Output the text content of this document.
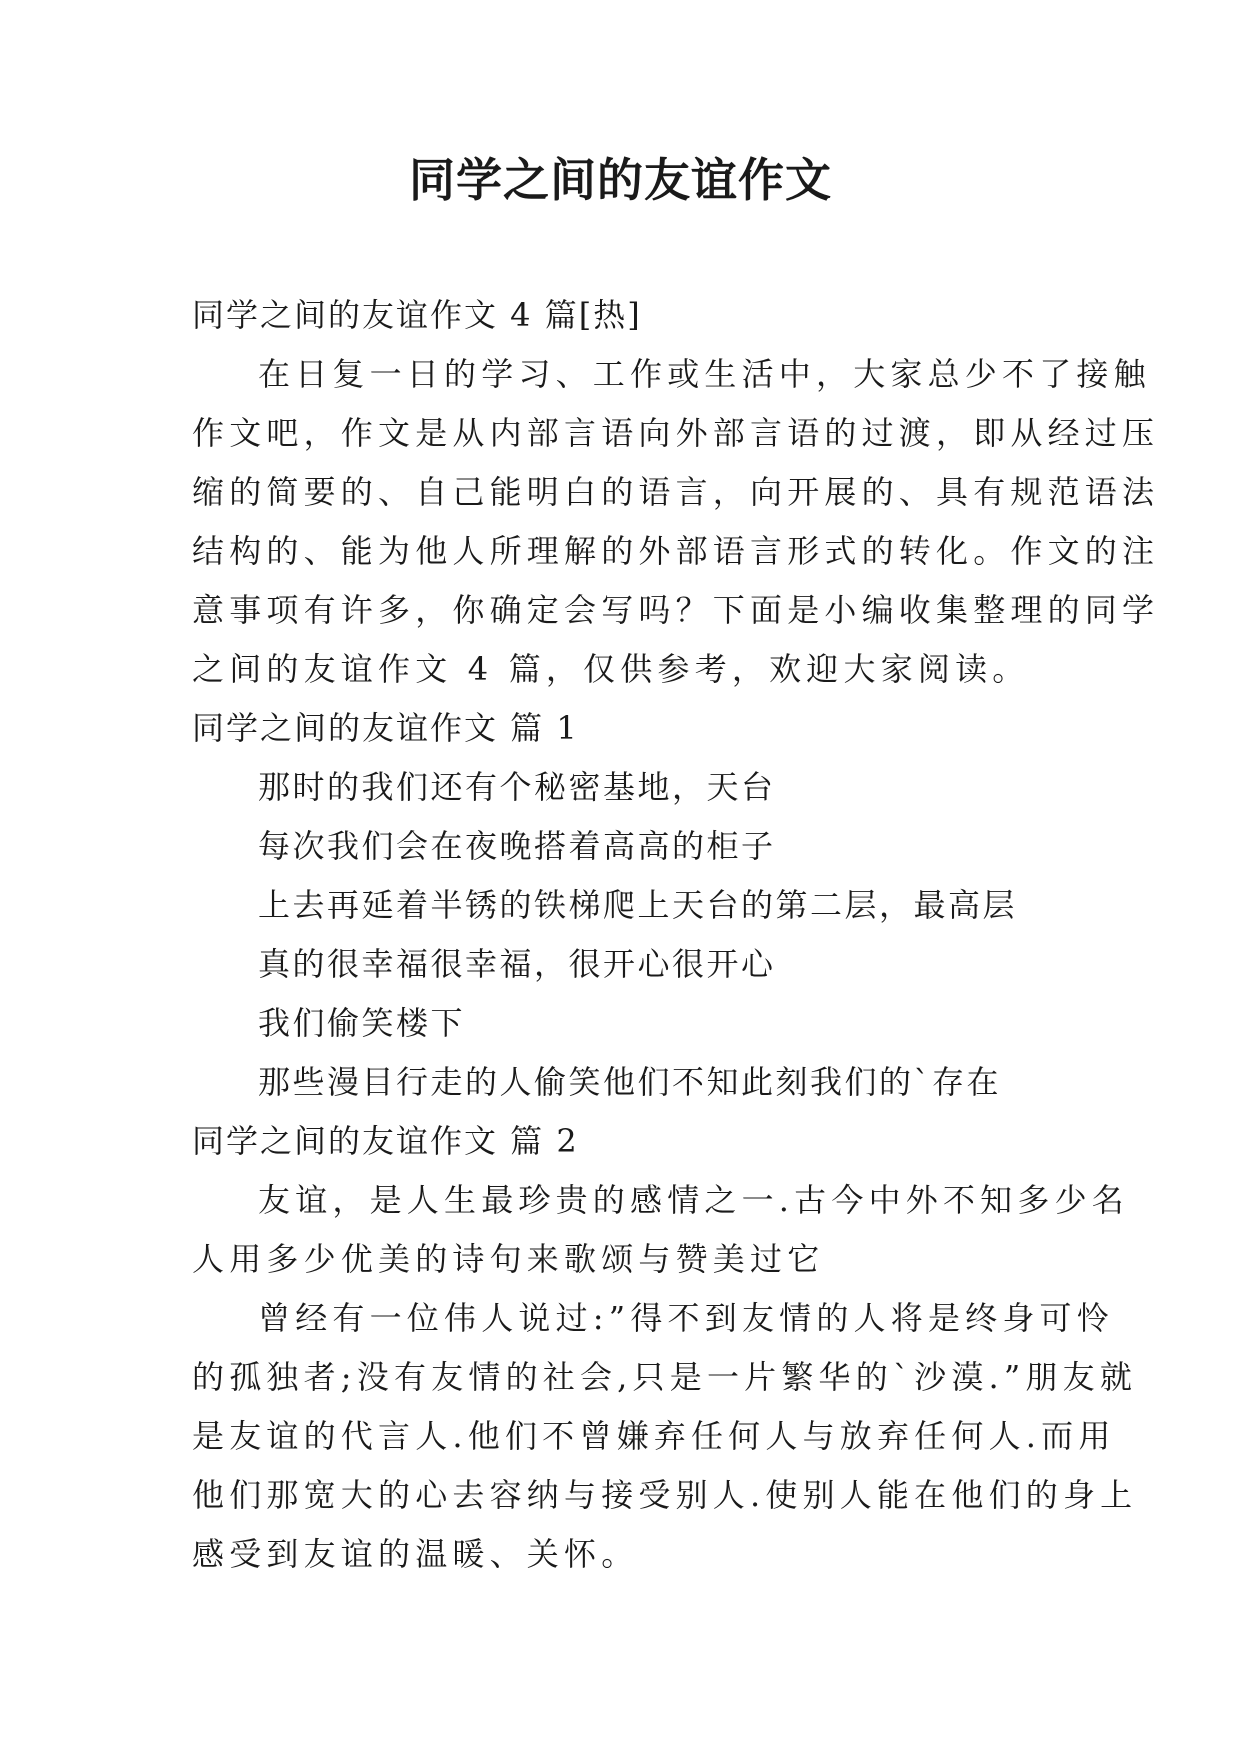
同学之间的友谊作文
同学之间的友谊作文 4 篇[热]
在日复一日的学习、工作或生活中，大家总少不了接触
作文吧，作文是从内部言语向外部言语的过渡，即从经过压
缩的简要的、自己能明白的语言，向开展的、具有规范语法
结构的、能为他人所理解的外部语言形式的转化。作文的注
意事项有许多，你确定会写吗？下面是小编收集整理的同学
之间的友谊作文 4 篇，仅供参考，欢迎大家阅读。
同学之间的友谊作文 篇 1
那时的我们还有个秘密基地，天台
每次我们会在夜晚搭着高高的柜子
上去再延着半锈的铁梯爬上天台的第二层，最高层
真的很幸福很幸福，很开心很开心
我们偷笑楼下
那些漫目行走的人偷笑他们不知此刻我们的`存在
同学之间的友谊作文 篇 2
友谊，是人生最珍贵的感情之一.古今中外不知多少名
人用多少优美的诗句来歌颂与赞美过它
曾经有一位伟人说过:”得不到友情的人将是终身可怜
的孤独者;没有友情的社会,只是一片繁华的`沙漠.”朋友就
是友谊的代言人.他们不曾嫌弃任何人与放弃任何人.而用
他们那宽大的心去容纳与接受别人.使别人能在他们的身上
感受到友谊的温暖、关怀。
